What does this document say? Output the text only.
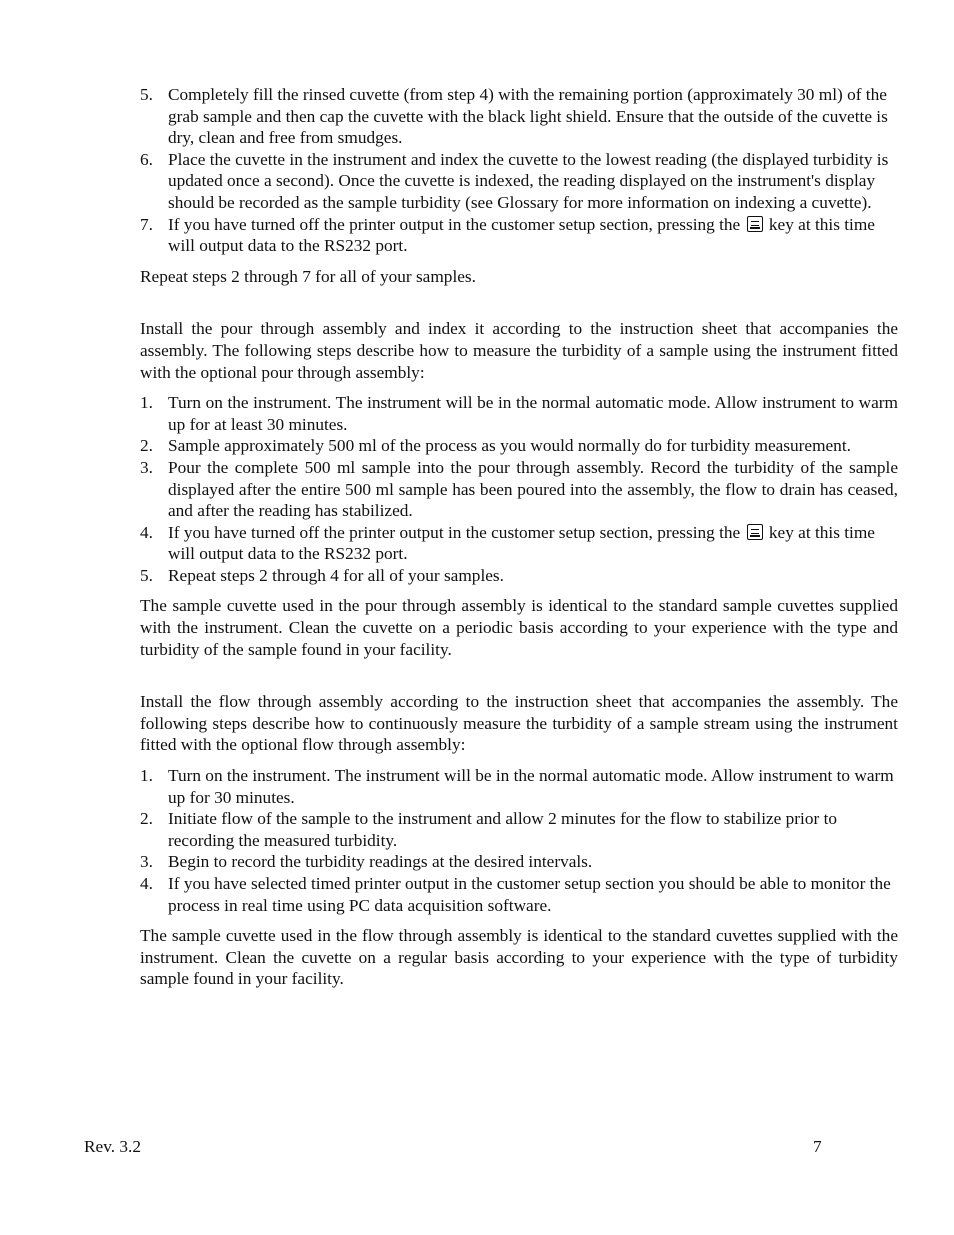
5. Completely fill the rinsed cuvette (from step 4) with the remaining portion (approximately 30 ml) of the grab sample and then cap the cuvette with the black light shield. Ensure that the outside of the cuvette is dry, clean and free from smudges.
6. Place the cuvette in the instrument and index the cuvette to the lowest reading (the displayed turbidity is updated once a second). Once the cuvette is indexed, the reading displayed on the instrument's display should be recorded as the sample turbidity (see Glossary for more information on indexing a cuvette).
7. If you have turned off the printer output in the customer setup section, pressing the key at this time will output data to the RS232 port.

Repeat steps 2 through 7 for all of your samples.

Install the pour through assembly and index it according to the instruction sheet that accompanies the assembly. The following steps describe how to measure the turbidity of a sample using the instrument fitted with the optional pour through assembly:

1. Turn on the instrument. The instrument will be in the normal automatic mode. Allow instrument to warm up for at least 30 minutes.

2. Sample approximately 500 ml of the process as you would normally do for turbidity measurement.

3. Pour the complete 500 ml sample into the pour through assembly. Record the turbidity of the sample displayed after the entire 500 ml sample has been poured into the assembly, the flow to drain has ceased, and after the reading has stabilized.

4. If you have turned off the printer output in the customer setup section, pressing the key at this time will output data to the RS232 port.
5. Repeat steps 2 through 4 for all of your samples.

The sample cuvette used in the pour through assembly is identical to the standard sample cuvettes supplied with the instrument. Clean the cuvette on a periodic basis according to your experience with the type and turbidity of the sample found in your facility.

Install the flow through assembly according to the instruction sheet that accompanies the assembly. The following steps describe how to continuously measure the turbidity of a sample stream using the instrument fitted with the optional flow through assembly:

1. Turn on the instrument. The instrument will be in the normal automatic mode. Allow instrument to warm up for 30 minutes.
2. Initiate flow of the sample to the instrument and allow 2 minutes for the flow to stabilize prior to recording the measured turbidity.
3. Begin to record the turbidity readings at the desired intervals.
4. If you have selected timed printer output in the customer setup section you should be able to monitor the process in real time using PC data acquisition software.

The sample cuvette used in the flow through assembly is identical to the standard cuvettes supplied with the instrument. Clean the cuvette on a regular basis according to your experience with the type of turbidity sample found in your facility.

Rev. 3.2	7
